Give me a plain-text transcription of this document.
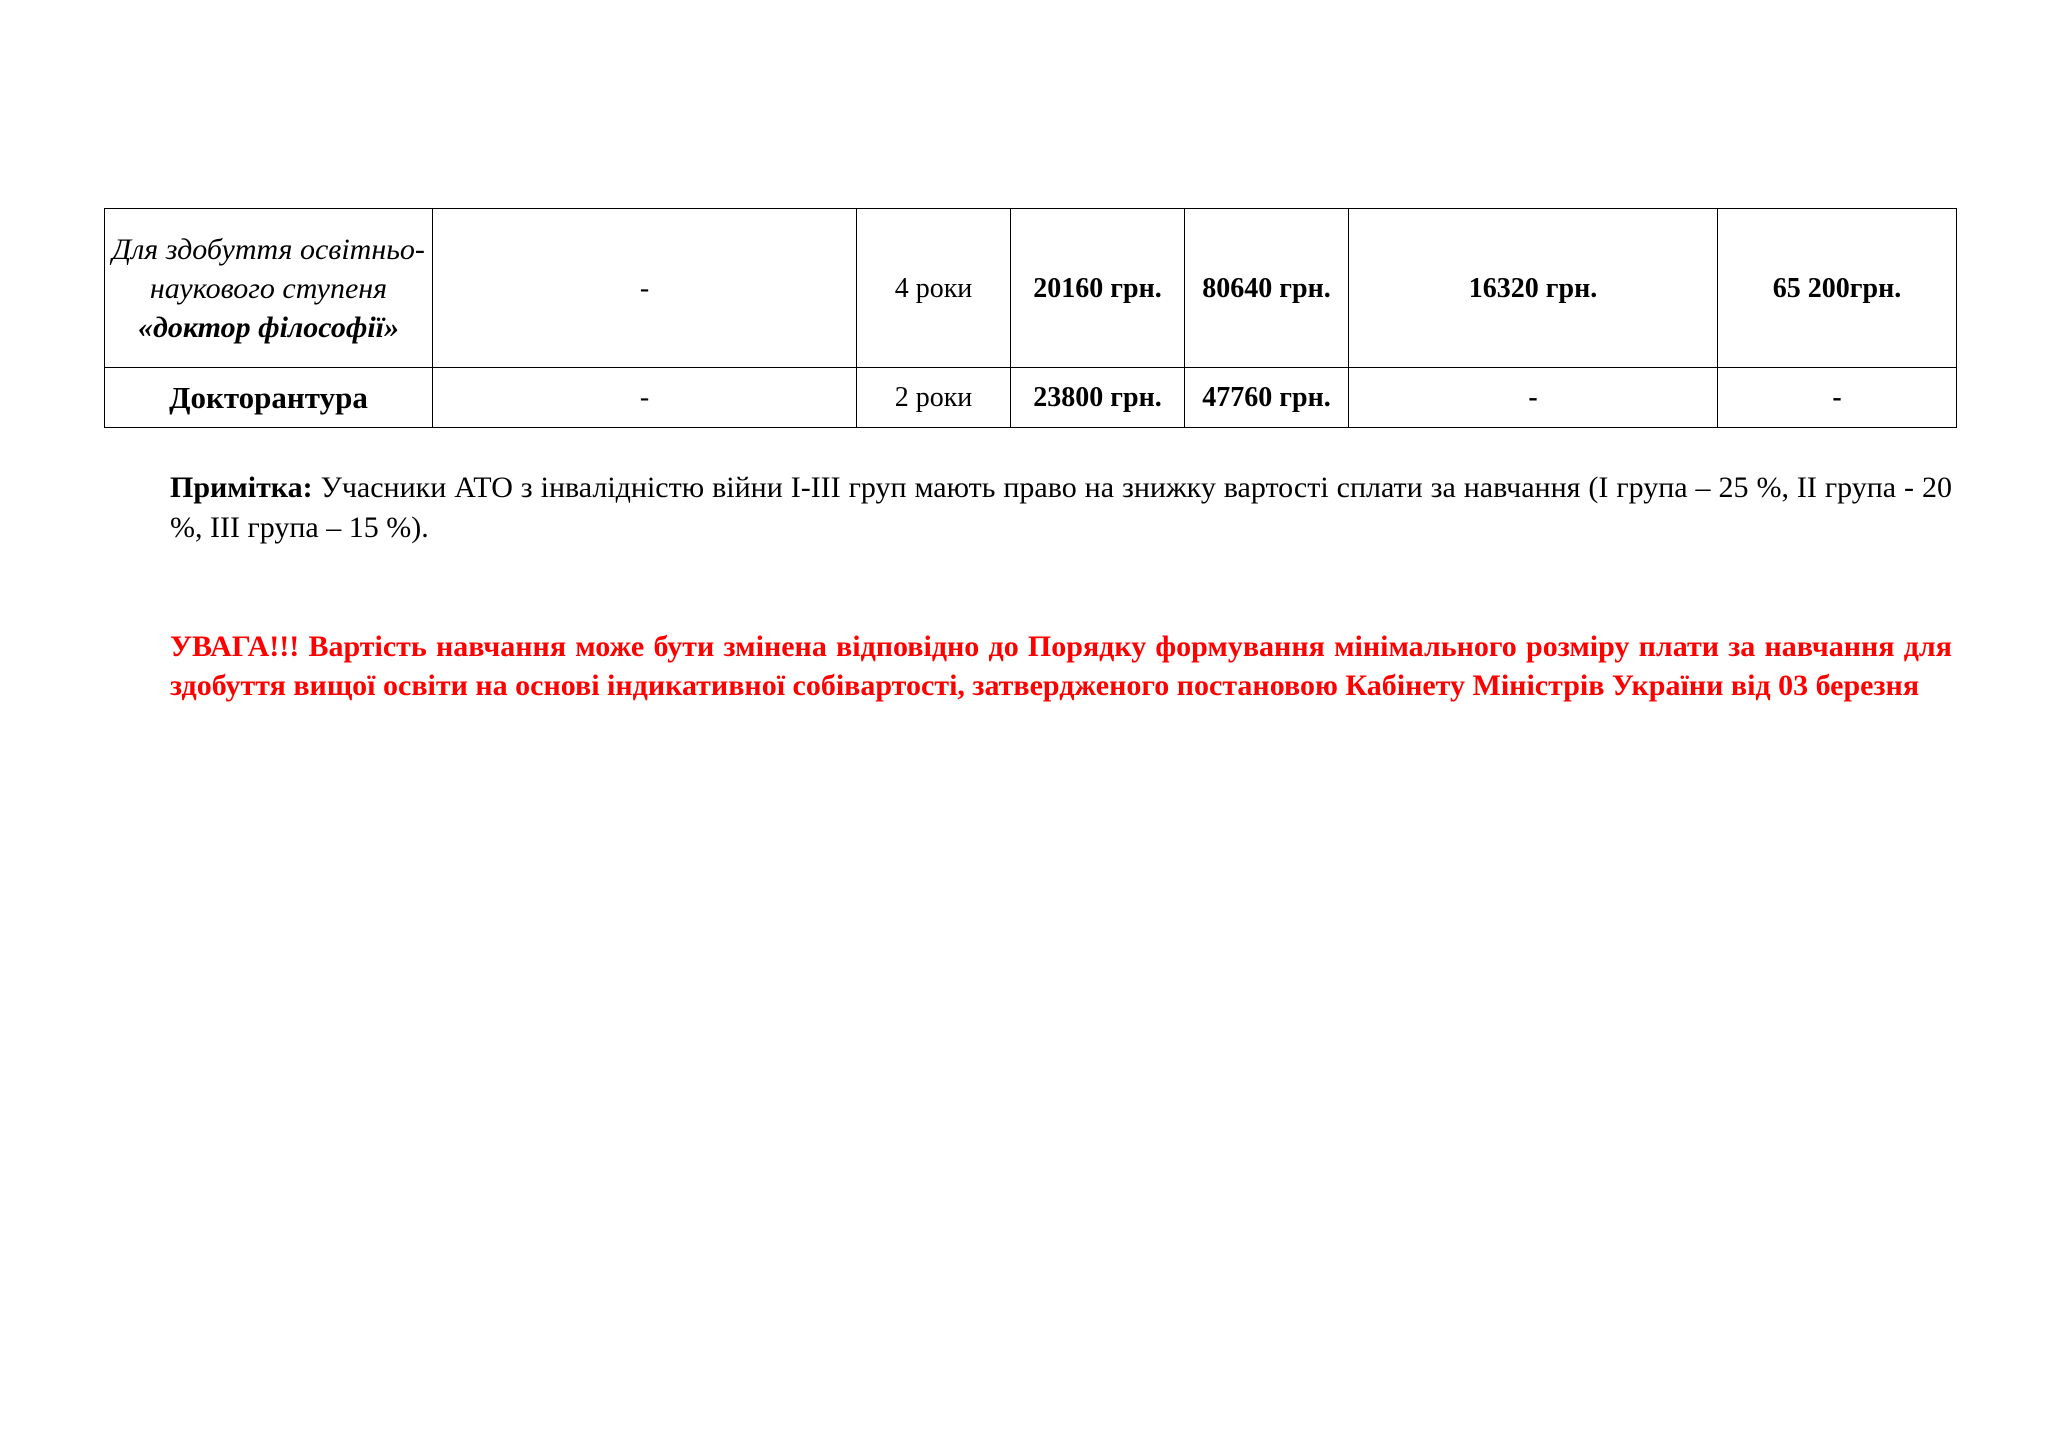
Для здобуття освітньо-наукового ступеня «доктор філософії»	-	4 роки	20160 грн.	80640 грн.	16320 грн.	65 200грн.
Докторантура	-	2 роки	23800 грн.	47760 грн.	-	-

Примітка: Учасники АТО з інвалідністю війни І-ІІІ груп мають право на знижку вартості сплати за навчання (І група – 25 %, ІІ група - 20 %, ІІІ група – 15 %).

УВАГА!!! Вартість навчання може бути змінена відповідно до Порядку формування мінімального розміру плати за навчання для здобуття вищої освіти на основі індикативної собівартості, затвердженого постановою Кабінету Міністрів України від 03 березня
